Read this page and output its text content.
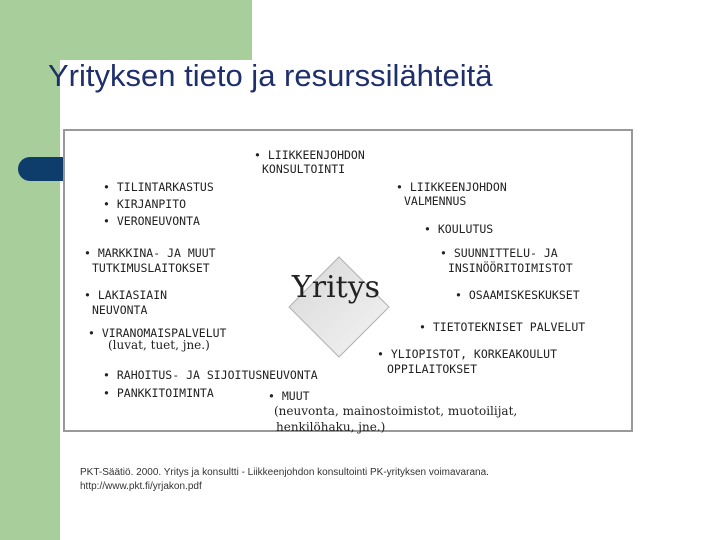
Yrityksen tieto ja resurssilähteitä
Yritys
• LIIKKEENJOHDON
KONSULTOINTI
• TILINTARKASTUS
• KIRJANPITO
• VERONEUVONTA
• LIIKKEENJOHDON
VALMENNUS
• KOULUTUS
• MARKKINA- JA MUUT
TUTKIMUSLAITOKSET
• LAKIASIAIN
NEUVONTA
• VIRANOMAISPALVELUT
(luvat, tuet, jne.)
• SUUNNITTELU- JA
INSINÖÖRITOIMISTOT
• OSAAMISKESKUKSET
• TIETOTEKNISET PALVELUT
• YLIOPISTOT, KORKEAKOULUT
OPPILAITOKSET
• RAHOITUS- JA SIJOITUSNEUVONTA
• PANKKITOIMINTA	• MUUT
(neuvonta, mainostoimistot, muotoilijat,
henkilöhaku, jne.)
PKT-Säätiö. 2000. Yritys ja konsultti - Liikkeenjohdon konsultointi PK-yrityksen voimavarana.
http://www.pkt.fi/yrjakon.pdf
